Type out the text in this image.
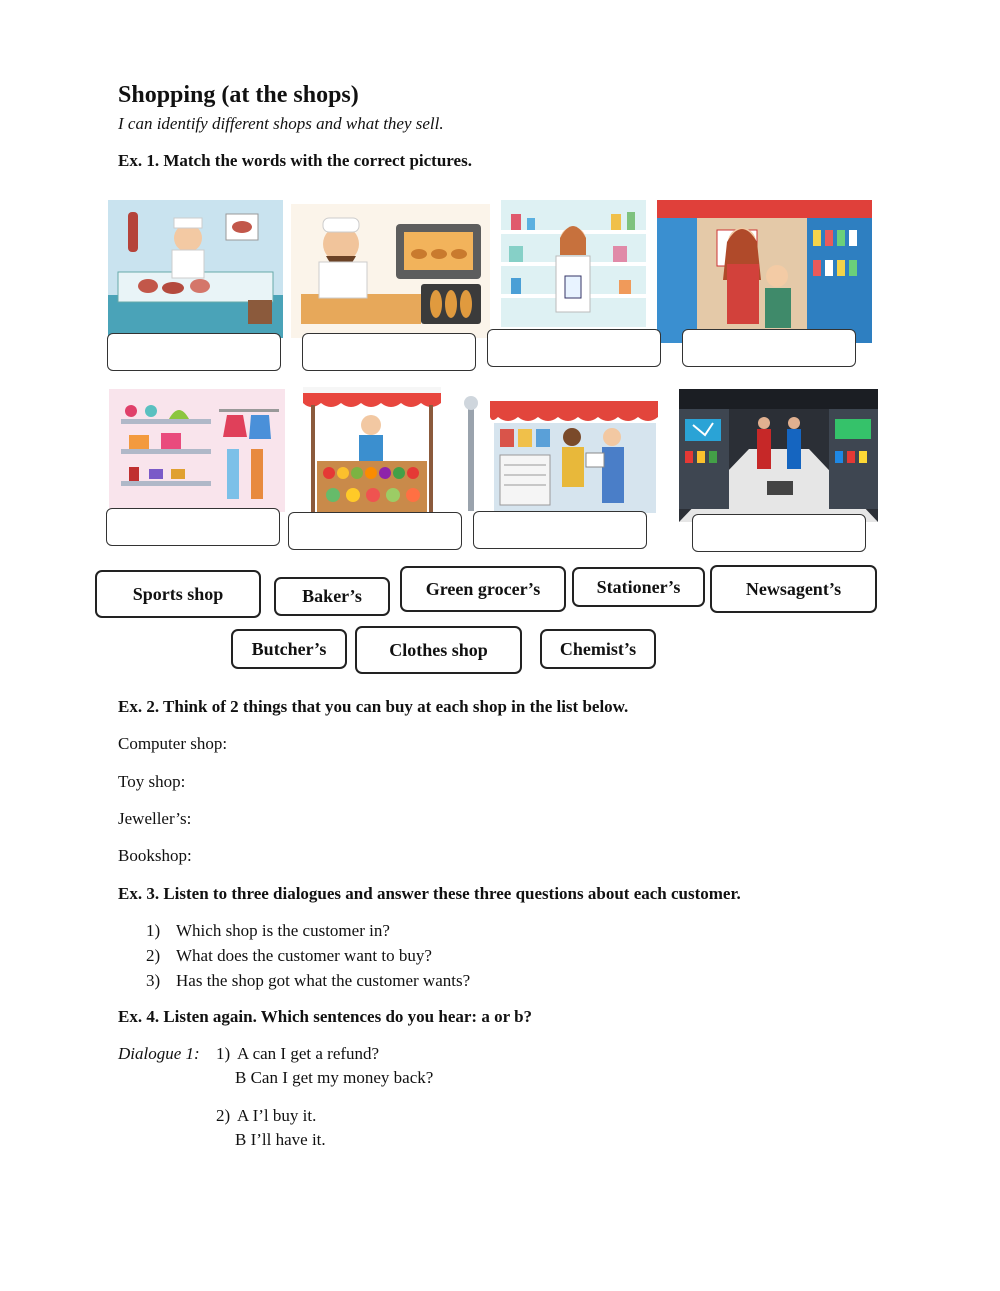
Shopping (at the shops)
I can identify different shops and what they sell.
Ex. 1. Match the words with the correct pictures.
Sports shop	Baker’s	Green grocer’s	Stationer’s	Newsagent’s
Butcher’s	Clothes shop	Chemist’s
Ex. 2. Think of 2 things that you can buy at each shop in the list below.
Computer shop:
Toy shop:
Jeweller’s:
Bookshop:
Ex. 3. Listen to three dialogues and answer these three questions about each customer.
1) Which shop is the customer in?
2) What does the customer want to buy?
3) Has the shop got what the customer wants?
Ex. 4. Listen again. Which sentences do you hear: a or b?
Dialogue 1: 1) A can I get a refund?
B Can I get my money back?
2) A I’l buy it.
B I’ll have it.
